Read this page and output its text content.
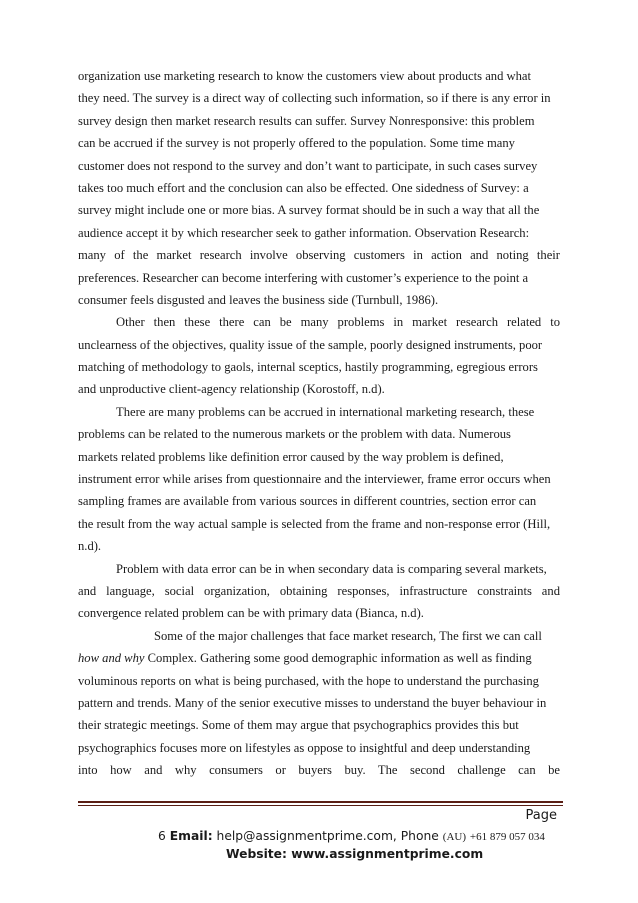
organization use marketing research to know the customers view about products and what
they need. The survey is a direct way of collecting such information, so if there is any error in
survey design then market research results can suffer. Survey Nonresponsive: this problem
can be accrued if the survey is not properly offered to the population. Some time many
customer does not respond to the survey and don’t want to participate, in such cases survey
takes too much effort and the conclusion can also be effected. One sidedness of Survey: a
survey might include one or more bias. A survey format should be in such a way that all the
audience accept it by which researcher seek to gather information. Observation Research:
many of the market research involve observing customers in action and noting their
preferences. Researcher can become interfering with customer’s experience to the point a
consumer feels disgusted and leaves the business side (Turnbull, 1986).
Other then these there can be many problems in market research related to
unclearness of the objectives, quality issue of the sample, poorly designed instruments, poor
matching of methodology to gaols, internal sceptics, hastily programming, egregious errors
and unproductive client-agency relationship (Korostoff, n.d).
There are many problems can be accrued in international marketing research, these
problems can be related to the numerous markets or the problem with data. Numerous
markets related problems like definition error caused by the way problem is defined,
instrument error while arises from questionnaire and the interviewer, frame error occurs when
sampling frames are available from various sources in different countries, section error can
the result from the way actual sample is selected from the frame and non-response error (Hill,
n.d).
Problem with data error can be in when secondary data is comparing several markets,
and language, social organization, obtaining responses, infrastructure constraints and
convergence related problem can be with primary data (Bianca, n.d).
Some of the major challenges that face market research, The first we can call
how and why Complex. Gathering some good demographic information as well as finding
voluminous reports on what is being purchased, with the hope to understand the purchasing
pattern and trends. Many of the senior executive misses to understand the buyer behaviour in
their strategic meetings. Some of them may argue that psychographics provides this but
psychographics focuses more on lifestyles as oppose to insightful and deep understanding
into how and why consumers or buyers buy. The second challenge can be
Page
6 Email: help@assignmentprime.com, Phone (AU) +61 879 057 034
Website: www.assignmentprime.com
